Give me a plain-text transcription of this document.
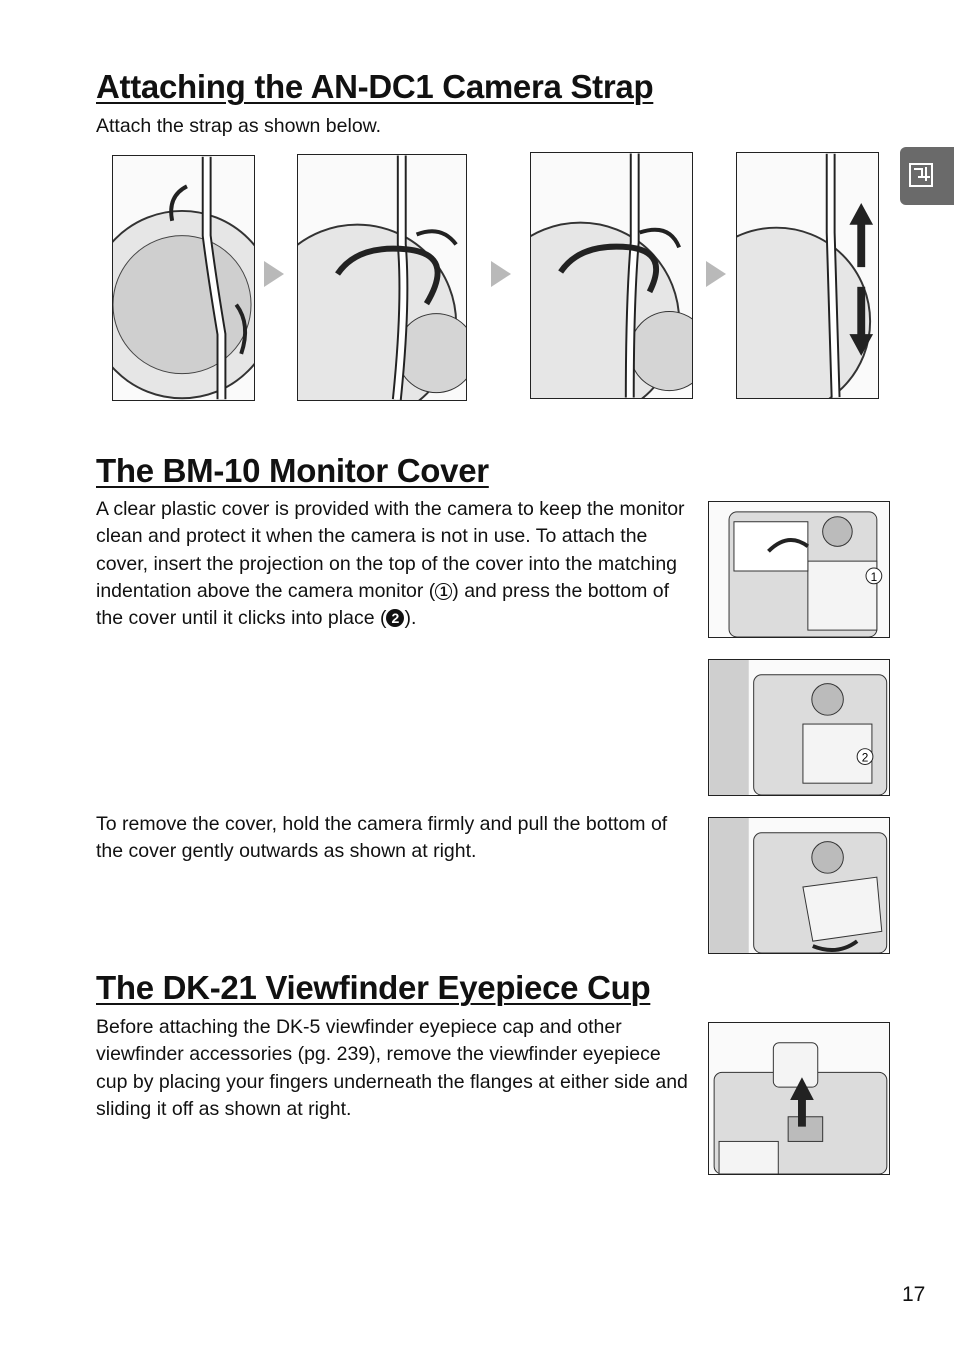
Attaching the AN-DC1 Camera Strap

Attach the strap as shown below.

The BM-10 Monitor Cover

A clear plastic cover is provided with the camera to keep the monitor clean and protect it when the camera is not in use. To attach the cover, insert the projection on the top of the cover into the matching indentation above the camera monitor ( 1 ) and press the bottom of the cover until it clicks into place ( 2 ).

1
2

To remove the cover, hold the camera firmly and pull the bottom of the cover gently outwards as shown at right.

The DK-21 Viewfinder Eyepiece Cup

Before attaching the DK-5 viewfinder eyepiece cap and other viewfinder accessories (pg. 239), remove the viewfinder eyepiece cup by placing your fingers underneath the flanges at either side and sliding it off as shown at right.

17
